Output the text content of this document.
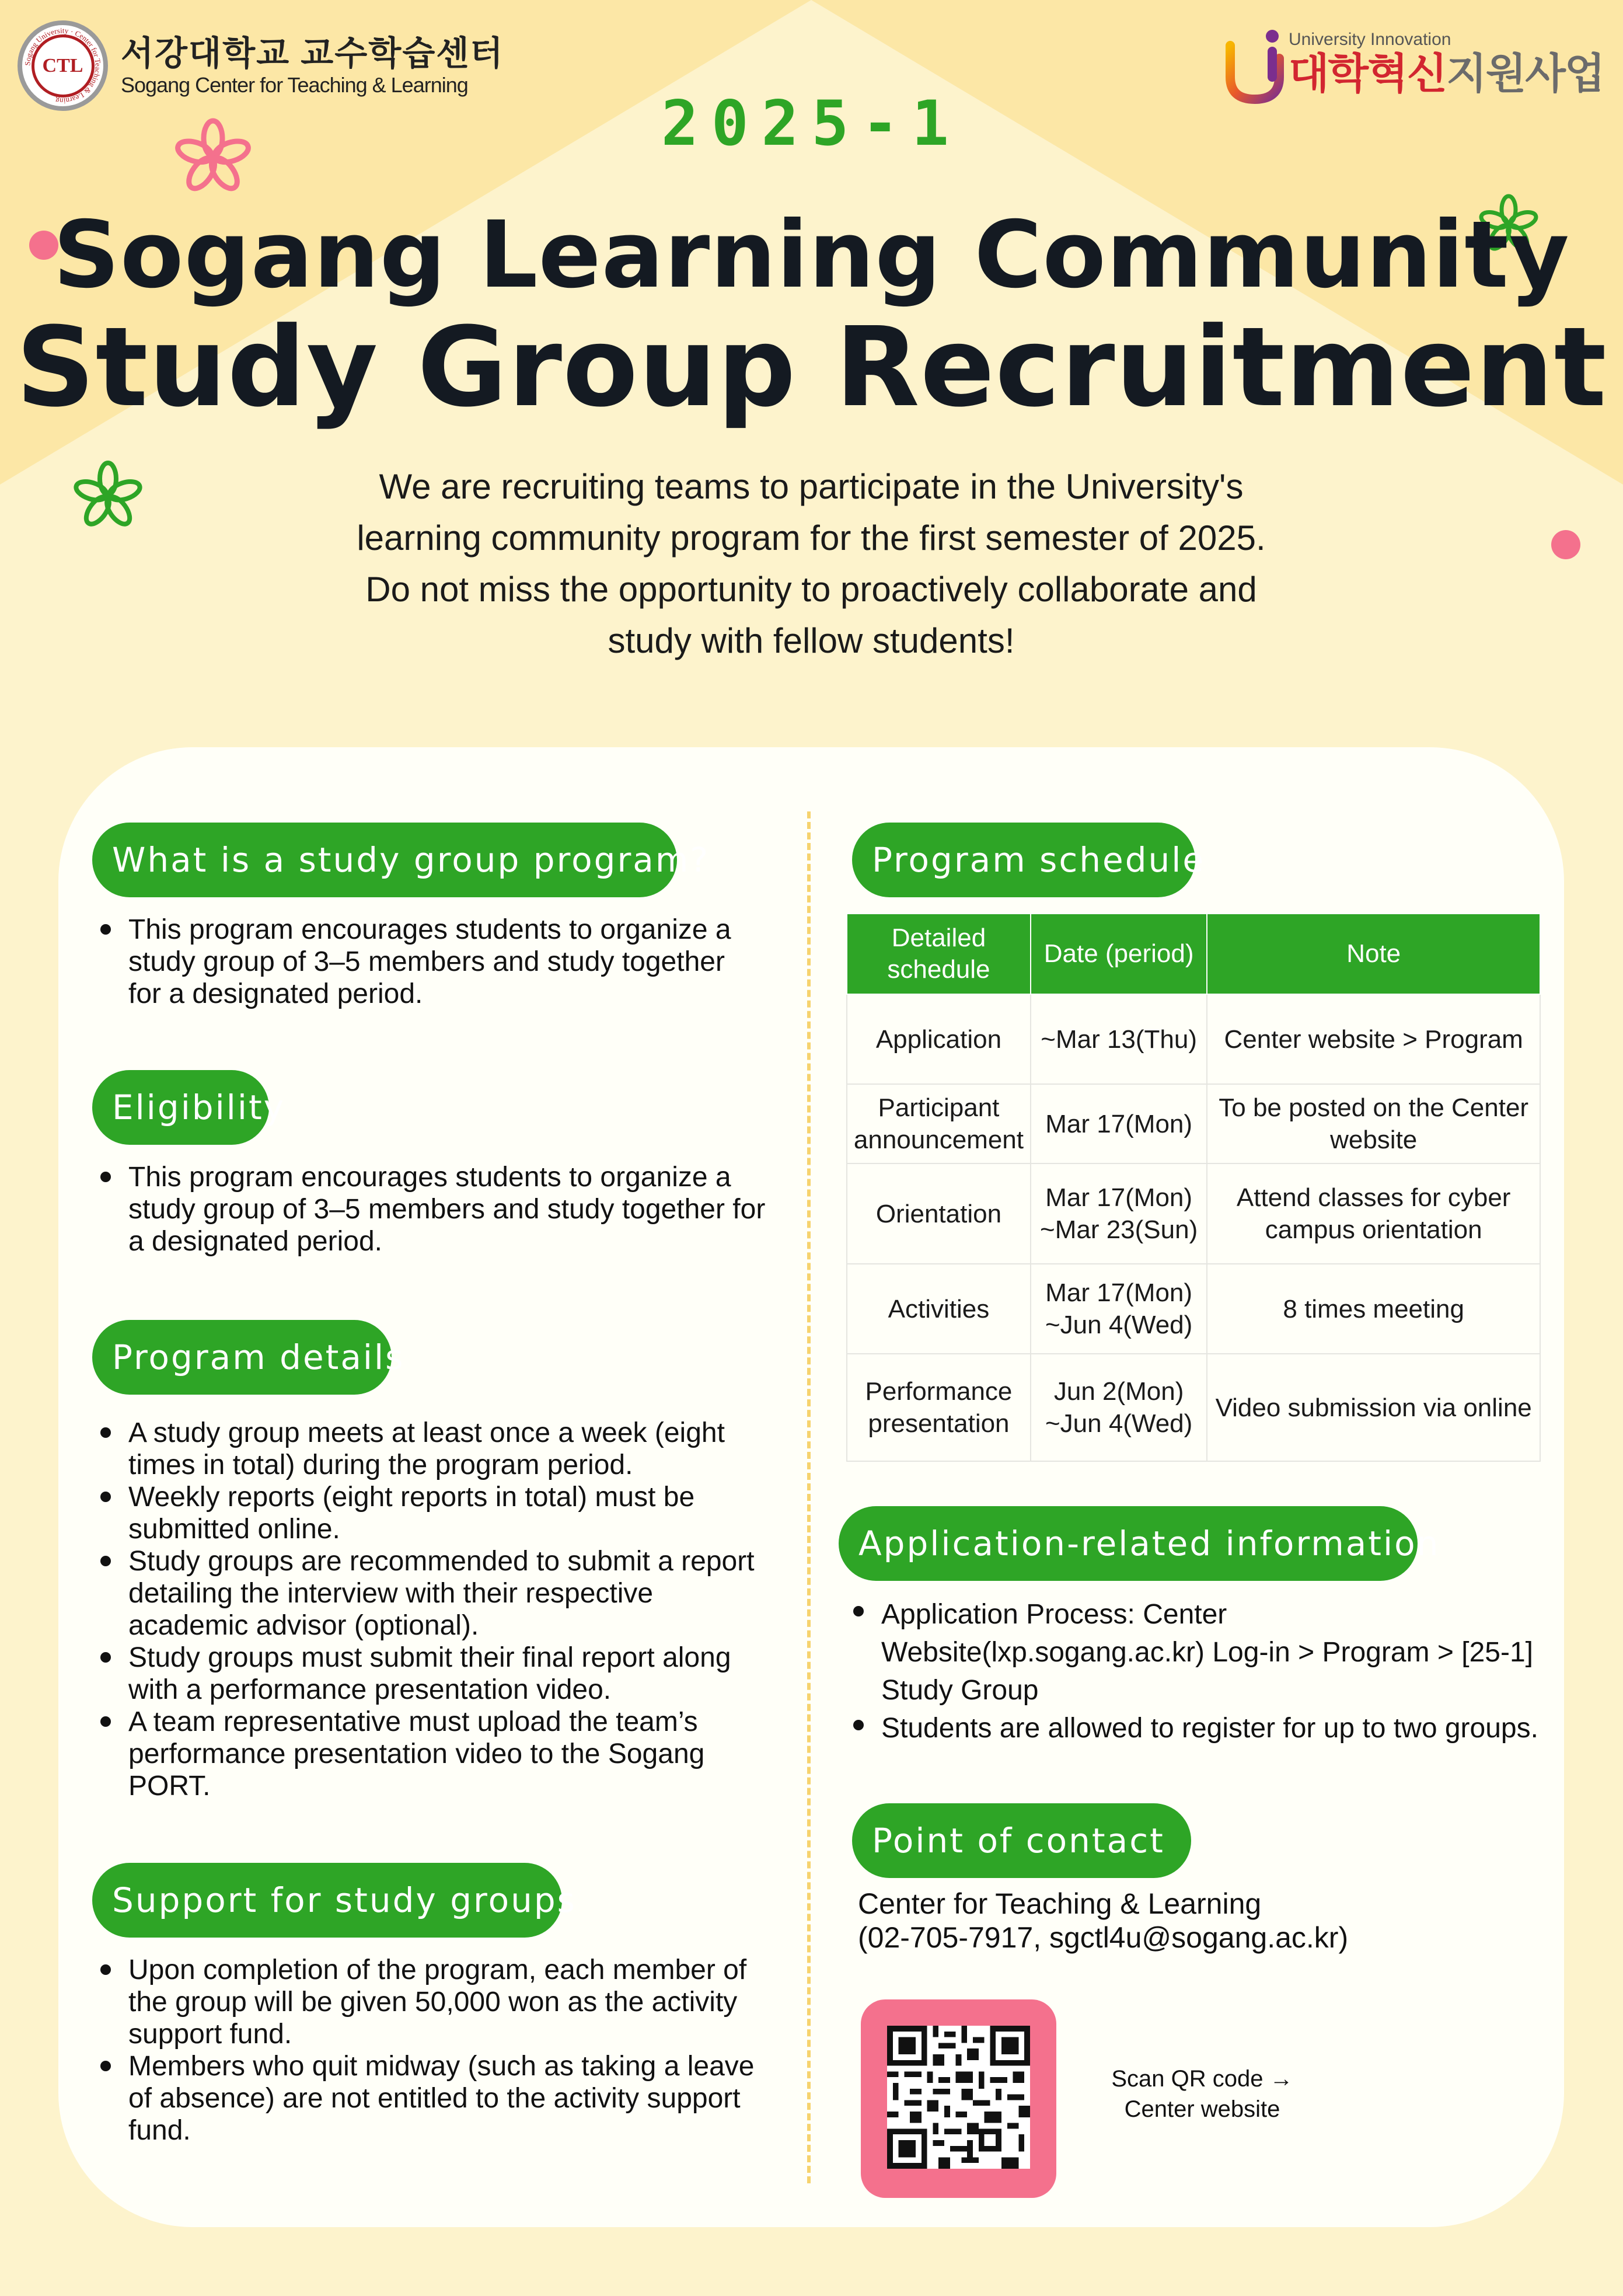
Sogang University · Center for Teaching & Learning
CTL	서강대학교 교수학습센터
Sogang Center for Teaching & Learning
University Innovation
대학혁신지원사업
2025-1
Sogang Learning Community
Study Group Recruitment
We are recruiting teams to participate in the University's
learning community program for the first semester of 2025.
Do not miss the opportunity to proactively collaborate and
study with fellow students!
What is a study group program?
This program encourages students to organize a study group of 3–5 members and study together for a designated period.
Eligibility
This program encourages students to organize a study group of 3–5 members and study together for a designated period.
Program details
A study group meets at least once a week (eight times in total) during the program period.
Weekly reports (eight reports in total) must be submitted online.
Study groups are recommended to submit a report detailing the interview with their respective academic advisor (optional).
Study groups must submit their final report along with a performance presentation video.
A team representative must upload the team’s performance presentation video to the Sogang PORT.
Support for study groups
Upon completion of the program, each member of the group will be given 50,000 won as the activity support fund.
Members who quit midway (such as taking a leave of absence) are not entitled to the activity support fund.
Program schedule
Detailed schedule	Date (period)	Note
Application	~Mar 13(Thu)	Center website > Program
Participant announcement	Mar 17(Mon)	To be posted on the Center website
Orientation	Mar 17(Mon) ~Mar 23(Sun)	Attend classes for cyber campus orientation
Activities	Mar 17(Mon) ~Jun 4(Wed)	8 times meeting
Performance presentation	Jun 2(Mon) ~Jun 4(Wed)	Video submission via online
Application-related information
Application Process: Center Website(lxp.sogang.ac.kr) Log-in > Program > [25-1] Study Group
Students are allowed to register for up to two groups.
Point of contact
Center for Teaching & Learning
(02-705-7917, sgctl4u@sogang.ac.kr)
Scan QR code →
Center website
